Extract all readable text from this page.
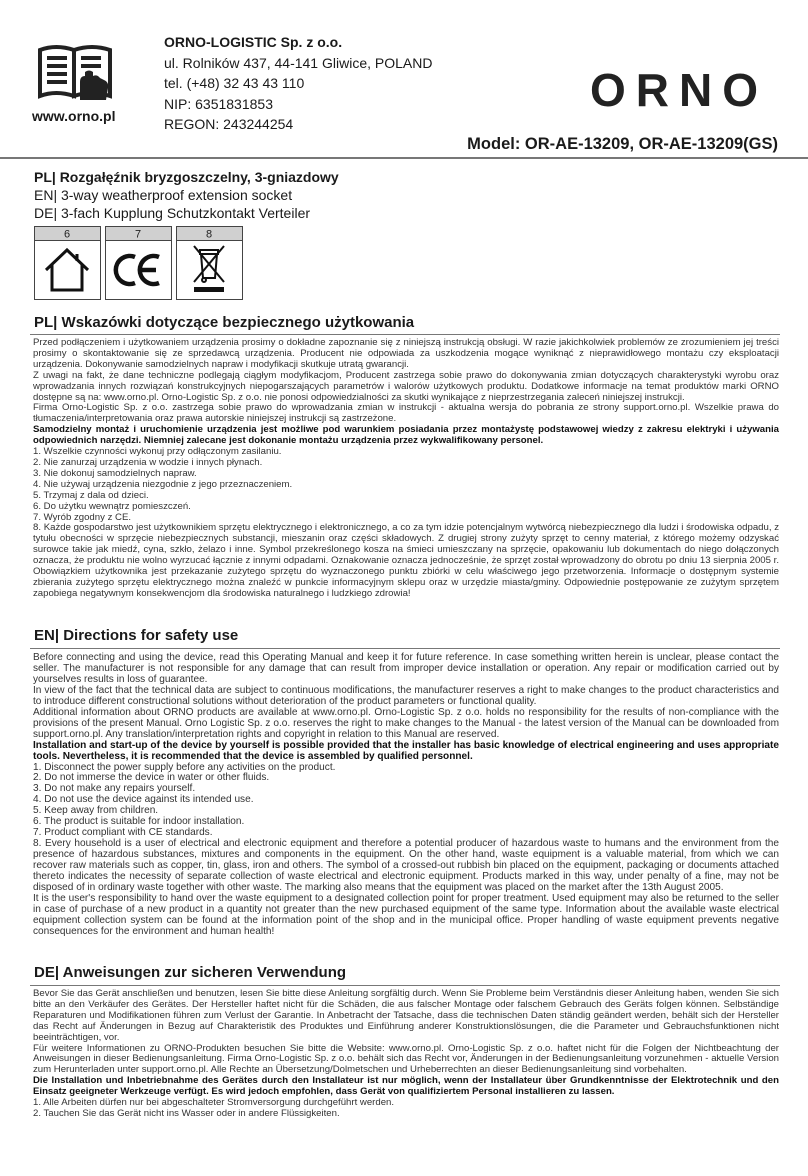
www.orno.pl
ORNO-LOGISTIC Sp. z o.o.
ul. Rolników 437, 44-141 Gliwice, POLAND
tel. (+48) 32 43 43 110
NIP: 6351831853
REGON: 243244254
ORNO
Model: OR-AE-13209, OR-AE-13209(GS)
PL| Rozgałęźnik bryzgoszczelny, 3-gniazdowy
EN| 3-way weatherproof extension socket
DE| 3-fach Kupplung Schutzkontakt Verteiler
6	7	8
PL| Wskazówki dotyczące bezpiecznego użytkowania

Przed podłączeniem i użytkowaniem urządzenia prosimy o dokładne zapoznanie się z niniejszą instrukcją obsługi. W razie jakichkolwiek problemów ze zrozumieniem jej treści prosimy o skontaktowanie się ze sprzedawcą urządzenia. Producent nie odpowiada za uszkodzenia mogące wyniknąć z nieprawidłowego montażu czy eksploatacji urządzenia. Dokonywanie samodzielnych napraw i modyfikacji skutkuje utratą gwarancji.

Z uwagi na fakt, że dane techniczne podlegają ciągłym modyfikacjom, Producent zastrzega sobie prawo do dokonywania zmian dotyczących charakterystyki wyrobu oraz wprowadzania innych rozwiązań konstrukcyjnych niepogarszających parametrów i walorów użytkowych produktu. Dodatkowe informacje na temat produktów marki ORNO dostępne są na: www.orno.pl. Orno-Logistic Sp. z o.o. nie ponosi odpowiedzialności za skutki wynikające z nieprzestrzegania zaleceń niniejszej instrukcji.

Firma Orno-Logistic Sp. z o.o. zastrzega sobie prawo do wprowadzania zmian w instrukcji - aktualna wersja do pobrania ze strony support.orno.pl. Wszelkie prawa do tłumaczenia/interpretowania oraz prawa autorskie niniejszej instrukcji są zastrzeżone.

Samodzielny montaż i uruchomienie urządzenia jest możliwe pod warunkiem posiadania przez montażystę podstawowej wiedzy z zakresu elektryki i używania odpowiednich narzędzi. Niemniej zalecane jest dokonanie montażu urządzenia przez wykwalifikowany personel.

1. Wszelkie czynności wykonuj przy odłączonym zasilaniu.

2. Nie zanurzaj urządzenia w wodzie i innych płynach.

3. Nie dokonuj samodzielnych napraw.

4. Nie używaj urządzenia niezgodnie z jego przeznaczeniem.

5. Trzymaj z dala od dzieci.

6. Do użytku wewnątrz pomieszczeń.

7. Wyrób zgodny z CE.

8. Każde gospodarstwo jest użytkownikiem sprzętu elektrycznego i elektronicznego, a co za tym idzie potencjalnym wytwórcą niebezpiecznego dla ludzi i środowiska odpadu, z tytułu obecności w sprzęcie niebezpiecznych substancji, mieszanin oraz części składowych. Z drugiej strony zużyty sprzęt to cenny materiał, z którego możemy odzyskać surowce takie jak miedź, cyna, szkło, żelazo i inne. Symbol przekreślonego kosza na śmieci umieszczany na sprzęcie, opakowaniu lub dokumentach do niego dołączonych oznacza, że produktu nie wolno wyrzucać łącznie z innymi odpadami. Oznakowanie oznacza jednocześnie, że sprzęt został wprowadzony do obrotu po dniu 13 sierpnia 2005 r. Obowiązkiem użytkownika jest przekazanie zużytego sprzętu do wyznaczonego punktu zbiórki w celu właściwego jego przetworzenia. Informacje o dostępnym systemie zbierania zużytego sprzętu elektrycznego można znaleźć w punkcie informacyjnym sklepu oraz w urzędzie miasta/gminy. Odpowiednie postępowanie ze zużytym sprzętem zapobiega negatywnym konsekwencjom dla środowiska naturalnego i ludzkiego zdrowia!

EN| Directions for safety use

Before connecting and using the device, read this Operating Manual and keep it for future reference. In case something written herein is unclear, please contact the seller. The manufacturer is not responsible for any damage that can result from improper device installation or operation. Any repair or modification carried out by yourselves results in loss of guarantee.

In view of the fact that the technical data are subject to continuous modifications, the manufacturer reserves a right to make changes to the product characteristics and to introduce different constructional solutions without deterioration of the product parameters or functional quality.

Additional information about ORNO products are available at www.orno.pl. Orno-Logistic Sp. z o.o. holds no responsibility for the results of non-compliance with the provisions of the present Manual. Orno Logistic Sp. z o.o. reserves the right to make changes to the Manual - the latest version of the Manual can be downloaded from support.orno.pl. Any translation/interpretation rights and copyright in relation to this Manual are reserved.

Installation and start-up of the device by yourself is possible provided that the installer has basic knowledge of electrical engineering and uses appropriate tools. Nevertheless, it is recommended that the device is assembled by qualified personnel.

1. Disconnect the power supply before any activities on the product.

2. Do not immerse the device in water or other fluids.

3. Do not make any repairs yourself.

4. Do not use the device against its intended use.

5. Keep away from children.

6. The product is suitable for indoor installation.

7. Product compliant with CE standards.

8. Every household is a user of electrical and electronic equipment and therefore a potential producer of hazardous waste to humans and the environment from the presence of hazardous substances, mixtures and components in the equipment. On the other hand, waste equipment is a valuable material, from which we can recover raw materials such as copper, tin, glass, iron and others. The symbol of a crossed-out rubbish bin placed on the equipment, packaging or documents attached thereto indicates the necessity of separate collection of waste electrical and electronic equipment. Products marked in this way, under penalty of a fine, may not be disposed of in ordinary waste together with other waste. The marking also means that the equipment was placed on the market after the 13th August 2005.

It is the user's responsibility to hand over the waste equipment to a designated collection point for proper treatment. Used equipment may also be returned to the seller in case of purchase of a new product in a quantity not greater than the new purchased equipment of the same type. Information about the available waste electrical equipment collection system can be found at the information point of the shop and in the municipal office. Proper handling of waste equipment prevents negative consequences for the environment and human health!

DE| Anweisungen zur sicheren Verwendung

Bevor Sie das Gerät anschließen und benutzen, lesen Sie bitte diese Anleitung sorgfältig durch. Wenn Sie Probleme beim Verständnis dieser Anleitung haben, wenden Sie sich bitte an den Verkäufer des Gerätes. Der Hersteller haftet nicht für die Schäden, die aus falscher Montage oder falschem Gebrauch des Geräts folgen können. Selbständige Reparaturen und Modifikationen führen zum Verlust der Garantie. In Anbetracht der Tatsache, dass die technischen Daten ständig geändert werden, behält sich der Hersteller das Recht auf Änderungen in Bezug auf Charakteristik des Produktes und Einführung anderer Konstruktionslösungen, die die Parameter und Gebrauchsfunktionen nicht beeinträchtigen, vor.

Für weitere Informationen zu ORNO-Produkten besuchen Sie bitte die Website: www.orno.pl. Orno-Logistic Sp. z o.o. haftet nicht für die Folgen der Nichtbeachtung der Anweisungen in dieser Bedienungsanleitung. Firma Orno-Logistic Sp. z o.o. behält sich das Recht vor, Änderungen in der Bedienungsanleitung vorzunehmen - aktuelle Version zum Herunterladen unter support.orno.pl. Alle Rechte an Übersetzung/Dolmetschen und Urheberrechten an dieser Bedienungsanleitung sind vorbehalten.

Die Installation und Inbetriebnahme des Gerätes durch den Installateur ist nur möglich, wenn der Installateur über Grundkenntnisse der Elektrotechnik und den Einsatz geeigneter Werkzeuge verfügt. Es wird jedoch empfohlen, dass Gerät von qualifiziertem Personal installieren zu lassen.

1. Alle Arbeiten dürfen nur bei abgeschalteter Stromversorgung durchgeführt werden.

2. Tauchen Sie das Gerät nicht ins Wasser oder in andere Flüssigkeiten.
